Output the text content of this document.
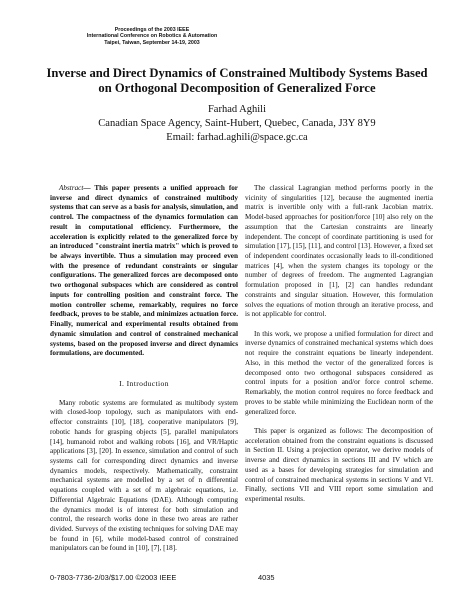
Proceedings of the 2003 IEEE
International Conference on Robotics & Automation
Taipei, Taiwan, September 14-19, 2003
Inverse and Direct Dynamics of Constrained Multibody Systems Based
on Orthogonal Decomposition of Generalized Force
Farhad Aghili
Canadian Space Agency, Saint-Hubert, Quebec, Canada, J3Y 8Y9
Email: farhad.aghili@space.gc.ca

Abstract— This paper presents a unified approach for inverse and direct dynamics of constrained multibody systems that can serve as a basis for analysis, simulation, and control. The compactness of the dynamics formulation can result in computational efficiency. Furthermore, the acceleration is explicitly related to the generalized force by an introduced "constraint inertia matrix" which is proved to be always invertible. Thus a simulation may proceed even with the presence of redundant constraints or singular configurations. The generalized forces are decomposed onto two orthogonal subspaces which are considered as control inputs for controlling position and constraint force. The motion controller scheme, remarkably, requires no force feedback, proves to be stable, and minimizes actuation force. Finally, numerical and experimental results obtained from dynamic simulation and control of constrained mechanical systems, based on the proposed inverse and direct dynamics formulations, are documented.

I. Introduction

Many robotic systems are formulated as multibody system with closed-loop topology, such as manipulators with end-effector constraints [10], [18], cooperative manipulators [9], robotic hands for grasping objects [5], parallel manipulators [14], humanoid robot and walking robots [16], and VR/Haptic applications [3], [20]. In essence, simulation and control of such systems call for corresponding direct dynamics and inverse dynamics models, respectively. Mathematically, constraint mechanical systems are modelled by a set of n differential equations coupled with a set of m algebraic equations, i.e. Differential Algebraic Equations (DAE). Although computing the dynamics model is of interest for both simulation and control, the research works done in these two areas are rather divided. Surveys of the existing techniques for solving DAE may be found in [6], while model-based control of constrained manipulators can be found in [10], [7], [18].

The classical Lagrangian method performs poorly in the vicinity of singularities [12], because the augmented inertia matrix is invertible only with a full-rank Jacobian matrix. Model-based approaches for position/force [10] also rely on the assumption that the Cartesian constraints are linearly independent. The concept of coordinate partitioning is used for simulation [17], [15], [11], and control [13]. However, a fixed set of independent coordinates occasionally leads to ill-conditioned matrices [4], when the system changes its topology or the number of degrees of freedom. The augmented Lagrangian formulation proposed in [1], [2] can handles redundant constraints and singular situation. However, this formulation solves the equations of motion through an iterative process, and is not applicable for control.

In this work, we propose a unified formulation for direct and inverse dynamics of constrained mechanical systems which does not require the constraint equations be linearly independent. Also, in this method the vector of the generalized forces is decomposed onto two orthogonal subspaces considered as control inputs for a position and/or force control scheme. Remarkably, the motion control requires no force feedback and proves to be stable while minimizing the Euclidean norm of the generalized force.

This paper is organized as follows: The decomposition of acceleration obtained from the constraint equations is discussed in Section II. Using a projection operator, we derive models of inverse and direct dynamics in sections III and IV which are used as a bases for developing strategies for simulation and control of constrained mechanical systems in sections V and VI. Finally, sections VII and VIII report some simulation and experimental results.

0-7803-7736-2/03/$17.00 ©2003 IEEE	4035
